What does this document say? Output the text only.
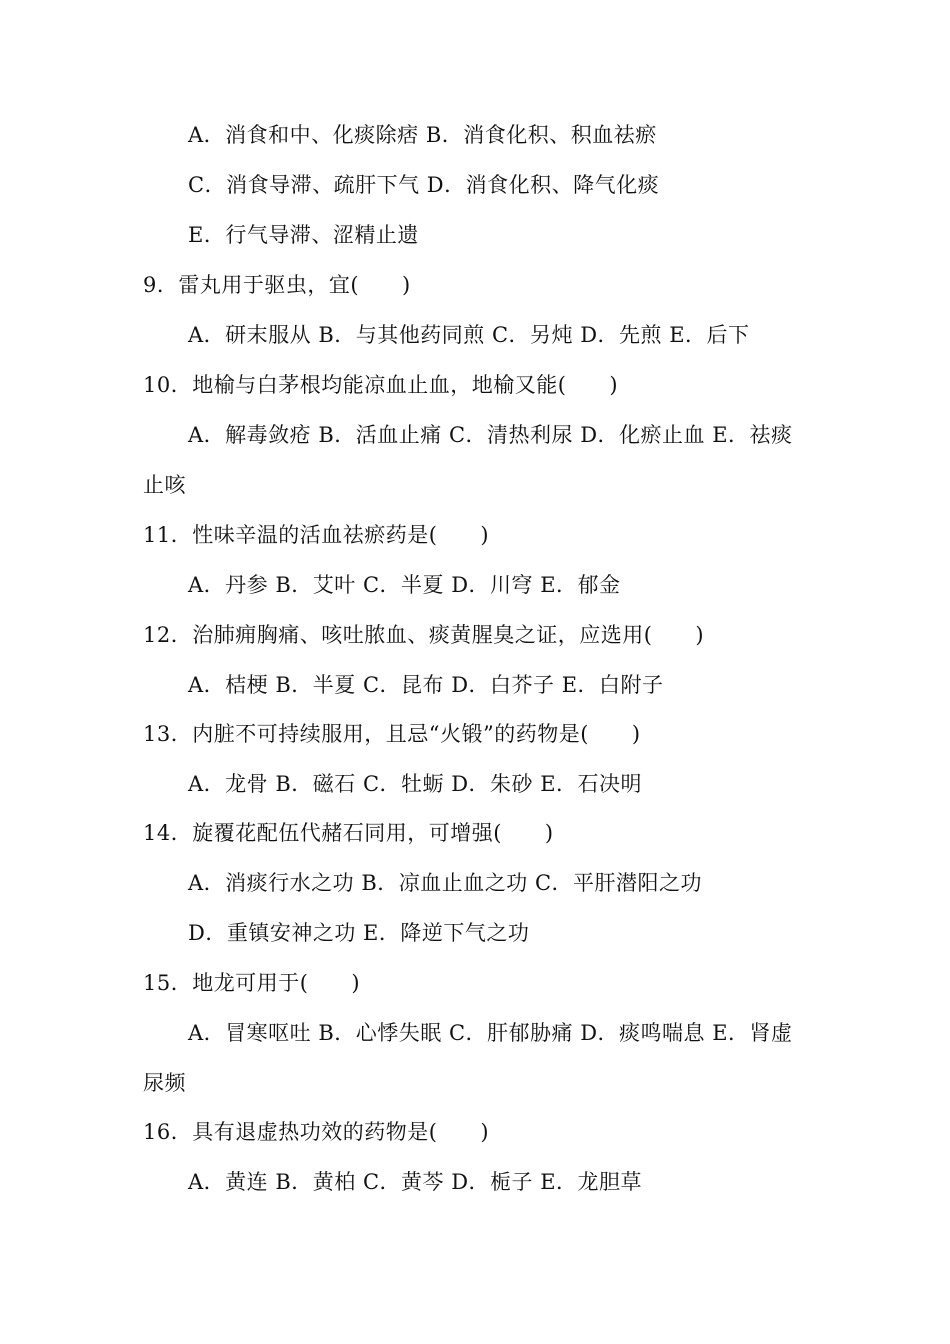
A．消食和中、化痰除痞 B．消食化积、积血祛瘀
C．消食导滞、疏肝下气 D．消食化积、降气化痰
E．行气导滞、涩精止遗
9．雷丸用于驱虫，宜(　　)
A．研末服从 B．与其他药同煎 C．另炖 D．先煎 E．后下
10．地榆与白茅根均能凉血止血，地榆又能(　　)
A．解毒敛疮 B．活血止痛 C．清热利尿 D．化瘀止血 E．祛痰
止咳
11．性味辛温的活血祛瘀药是(　　)
A．丹参 B．艾叶 C．半夏 D．川穹 E．郁金
12．治肺痈胸痛、咳吐脓血、痰黄腥臭之证，应选用(　　)
A．桔梗 B．半夏 C．昆布 D．白芥子 E．白附子
13．内脏不可持续服用，且忌“火锻”的药物是(　　)
A．龙骨 B．磁石 C．牡蛎 D．朱砂 E．石决明
14．旋覆花配伍代赭石同用，可增强(　　)
A．消痰行水之功 B．凉血止血之功 C．平肝潜阳之功
D．重镇安神之功 E．降逆下气之功
15．地龙可用于(　　)
A．冒寒呕吐 B．心悸失眠 C．肝郁胁痛 D．痰鸣喘息 E．肾虚
尿频
16．具有退虚热功效的药物是(　　)
A．黄连 B．黄柏 C．黄芩 D．栀子 E．龙胆草
